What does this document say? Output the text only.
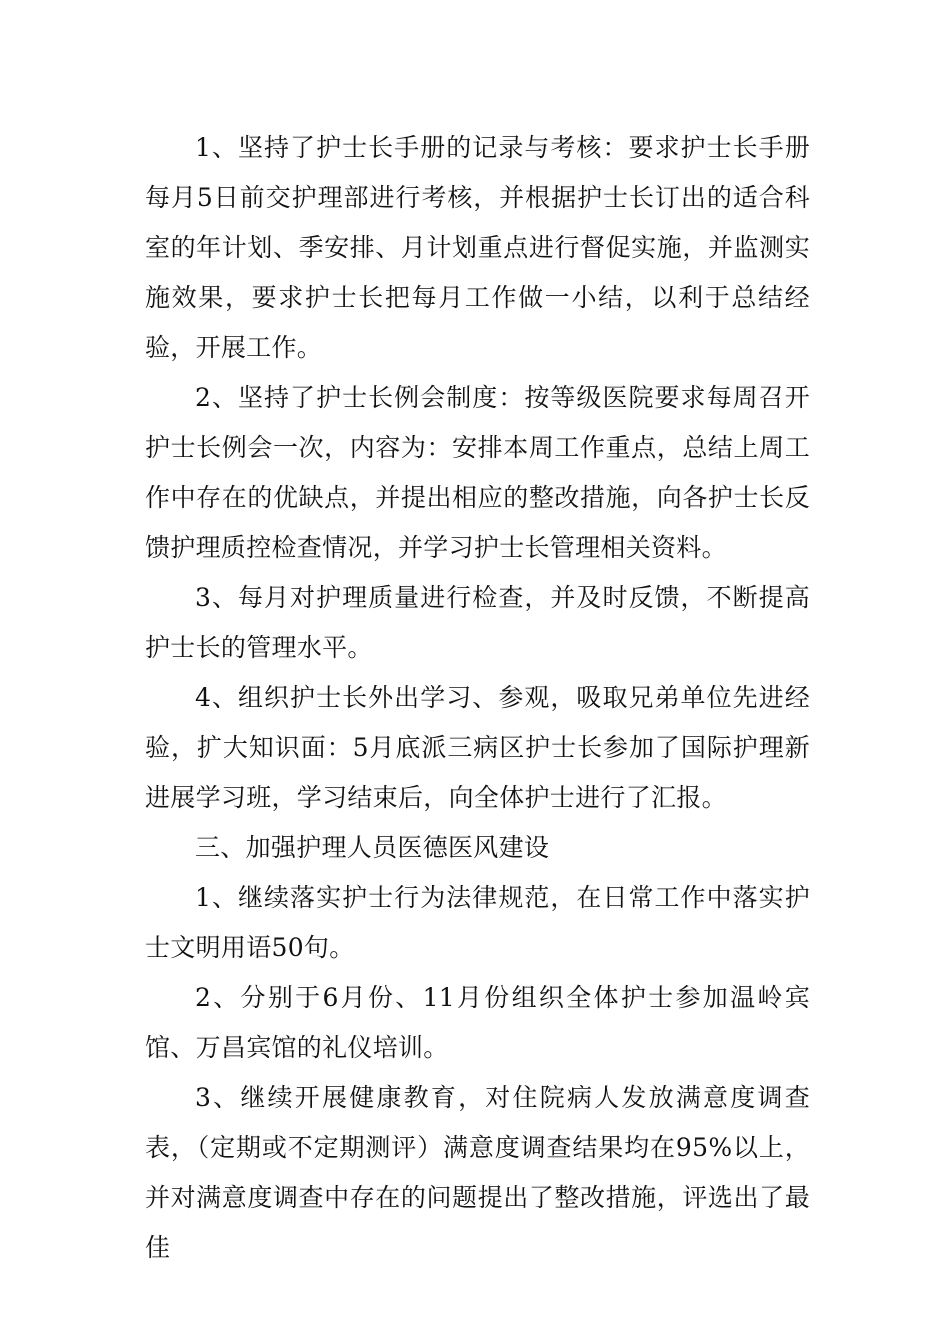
1、坚持了护士长手册的记录与考核：要求护士长手册每月5日前交护理部进行考核，并根据护士长订出的适合科室的年计划、季安排、月计划重点进行督促实施，并监测实施效果，要求护士长把每月工作做一小结，以利于总结经验，开展工作。

2、坚持了护士长例会制度：按等级医院要求每周召开护士长例会一次，内容为：安排本周工作重点，总结上周工作中存在的优缺点，并提出相应的整改措施，向各护士长反馈护理质控检查情况，并学习护士长管理相关资料。

3、每月对护理质量进行检查，并及时反馈，不断提高护士长的管理水平。

4、组织护士长外出学习、参观，吸取兄弟单位先进经验，扩大知识面：5月底派三病区护士长参加了国际护理新进展学习班，学习结束后，向全体护士进行了汇报。

三、加强护理人员医德医风建设

1、继续落实护士行为法律规范，在日常工作中落实护士文明用语50句。

2、分别于6月份、11月份组织全体护士参加温岭宾馆、万昌宾馆的礼仪培训。

3、继续开展健康教育，对住院病人发放满意度调查表，（定期或不定期测评）满意度调查结果均在95%以上，并对满意度调查中存在的问题提出了整改措施，评选出了最佳
